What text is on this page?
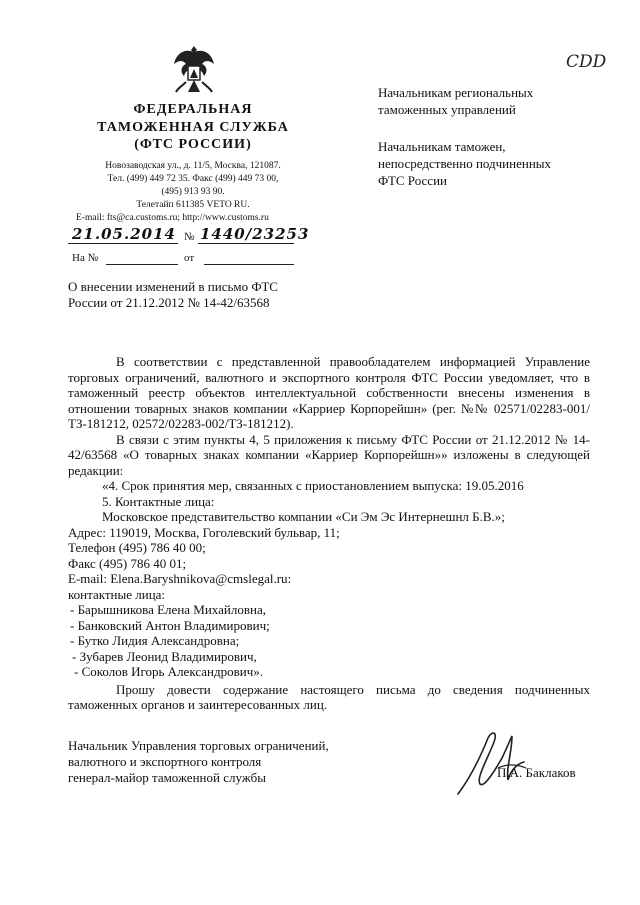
CDD
ФЕДЕРАЛЬНАЯ
ТАМОЖЕННАЯ СЛУЖБА
(ФТС РОССИИ)
Новозаводская ул., д. 11/5, Москва, 121087.
Тел. (499) 449 72 35. Факс (499) 449 73 00,
(495) 913 93 90.
Телетайп 611385 VETO RU.
E-mail: fts@ca.customs.ru; http://www.customs.ru
Начальникам региональных
таможенных управлений
Начальникам таможен,
непосредственно подчиненных
ФТС России
21.05.2014 № 1440/23253
На №	от
О внесении изменений в письмо ФТС
России от 21.12.2012 № 14-42/63568
В соответствии с представленной правообладателем информацией Управление торговых ограничений, валютного и экспортного контроля ФТС России уведомляет, что в таможенный реестр объектов интеллектуальной собственности внесены изменения в отношении товарных знаков компании «Карриер Корпорейшн» (рег. №№ 02571/02283-001/ТЗ-181212, 02572/02283-002/ТЗ-181212).
В связи с этим пункты 4, 5 приложения к письму ФТС России от 21.12.2012 № 14-42/63568 «О товарных знаках компании «Карриер Корпорейшн»» изложены в следующей редакции:
«4. Срок принятия мер, связанных с приостановлением выпуска: 19.05.2016
5. Контактные лица:
Московское представительство компании «Си Эм Эс Интернешнл Б.В.»;
Адрес: 119019, Москва, Гоголевский бульвар, 11;
Телефон (495) 786 40 00;
Факс (495) 786 40 01;
E-mail: Elena.Baryshnikova@cmslegal.ru:
контактные лица:
- Барышникова Елена Михайловна,
- Банковский Антон Владимирович;
- Бутко Лидия Александровна;
- Зубарев Леонид Владимирович,
- Соколов Игорь Александрович».
Прошу довести содержание настоящего письма до сведения подчиненных таможенных органов и заинтересованных лиц.
Начальник Управления торговых ограничений,
валютного и экспортного контроля
генерал-майор таможенной службы	П.А. Баклаков
